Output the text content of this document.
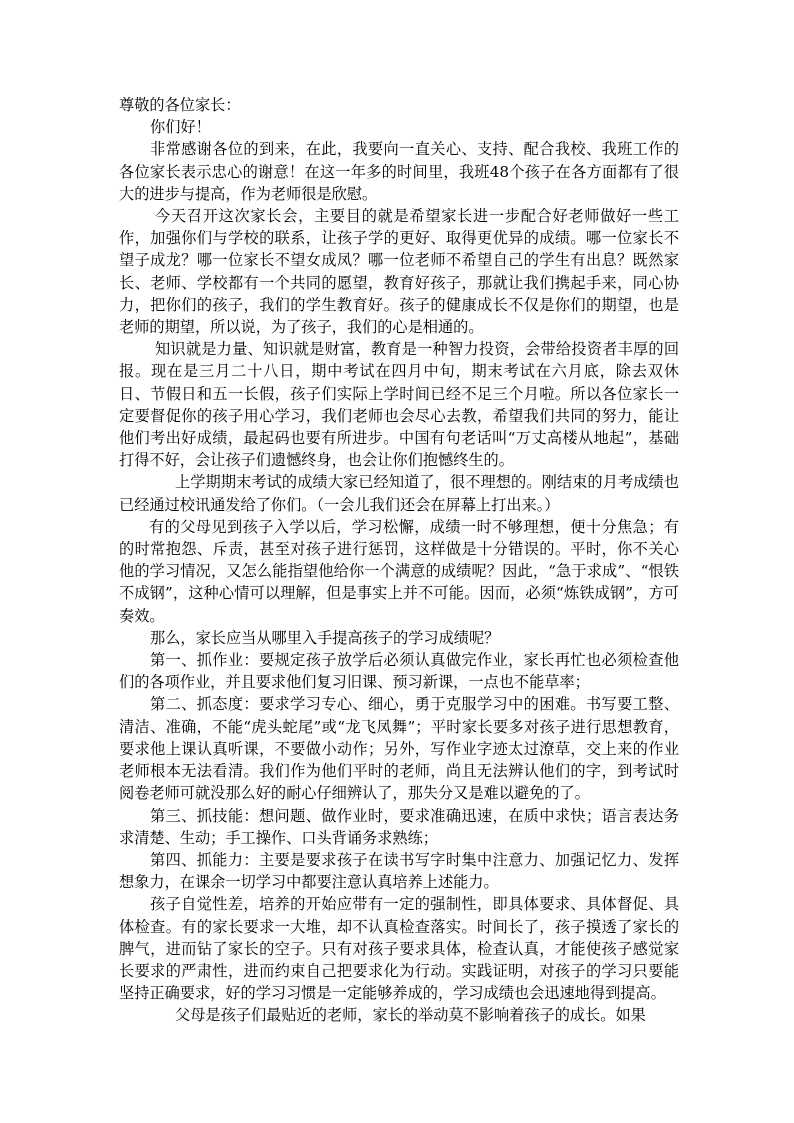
尊敬的各位家长：

你们好！

非常感谢各位的到来，在此，我要向一直关心、支持、配合我校、我班工作的各位家长表示忠心的谢意！在这一年多的时间里，我班48个孩子在各方面都有了很大的进步与提高，作为老师很是欣慰。

今天召开这次家长会，主要目的就是希望家长进一步配合好老师做好一些工作，加强你们与学校的联系，让孩子学的更好、取得更优异的成绩。哪一位家长不望子成龙？哪一位家长不望女成凤？哪一位老师不希望自己的学生有出息？既然家长、老师、学校都有一个共同的愿望，教育好孩子，那就让我们携起手来，同心协力，把你们的孩子，我们的学生教育好。孩子的健康成长不仅是你们的期望，也是老师的期望，所以说，为了孩子，我们的心是相通的。

知识就是力量、知识就是财富，教育是一种智力投资，会带给投资者丰厚的回报。现在是三月二十八日，期中考试在四月中旬，期末考试在六月底，除去双休日、节假日和五一长假，孩子们实际上学时间已经不足三个月啦。所以各位家长一定要督促你的孩子用心学习，我们老师也会尽心去教，希望我们共同的努力，能让他们考出好成绩，最起码也要有所进步。中国有句老话叫“万丈高楼从地起”，基础打得不好，会让孩子们遗憾终身，也会让你们抱憾终生的。

上学期期末考试的成绩大家已经知道了，很不理想的。刚结束的月考成绩也已经通过校讯通发给了你们。（一会儿我们还会在屏幕上打出来。）

有的父母见到孩子入学以后，学习松懈，成绩一时不够理想，便十分焦急；有的时常抱怨、斥责，甚至对孩子进行惩罚，这样做是十分错误的。平时，你不关心他的学习情况，又怎么能指望他给你一个满意的成绩呢？因此，“急于求成”、“恨铁不成钢”，这种心情可以理解，但是事实上并不可能。因而，必须“炼铁成钢”，方可奏效。

那么，家长应当从哪里入手提高孩子的学习成绩呢？

第一、抓作业：要规定孩子放学后必须认真做完作业，家长再忙也必须检查他们的各项作业，并且要求他们复习旧课、预习新课，一点也不能草率；

第二、抓态度：要求学习专心、细心，勇于克服学习中的困难。书写要工整、清洁、准确，不能“虎头蛇尾”或“龙飞凤舞”；平时家长要多对孩子进行思想教育，要求他上课认真听课，不要做小动作；另外，写作业字迹太过潦草，交上来的作业老师根本无法看清。我们作为他们平时的老师，尚且无法辨认他们的字，到考试时阅卷老师可就没那么好的耐心仔细辨认了，那失分又是难以避免的了。

第三、抓技能：想问题、做作业时，要求准确迅速，在质中求快；语言表达务求清楚、生动；手工操作、口头背诵务求熟练；

第四、抓能力：主要是要求孩子在读书写字时集中注意力、加强记忆力、发挥想象力，在课余一切学习中都要注意认真培养上述能力。

孩子自觉性差，培养的开始应带有一定的强制性，即具体要求、具体督促、具体检查。有的家长要求一大堆，却不认真检查落实。时间长了，孩子摸透了家长的脾气，进而钻了家长的空子。只有对孩子要求具体，检查认真，才能使孩子感觉家长要求的严肃性，进而约束自己把要求化为行动。实践证明，对孩子的学习只要能坚持正确要求，好的学习习惯是一定能够养成的，学习成绩也会迅速地得到提高。

父母是孩子们最贴近的老师，家长的举动莫不影响着孩子的成长。如果
